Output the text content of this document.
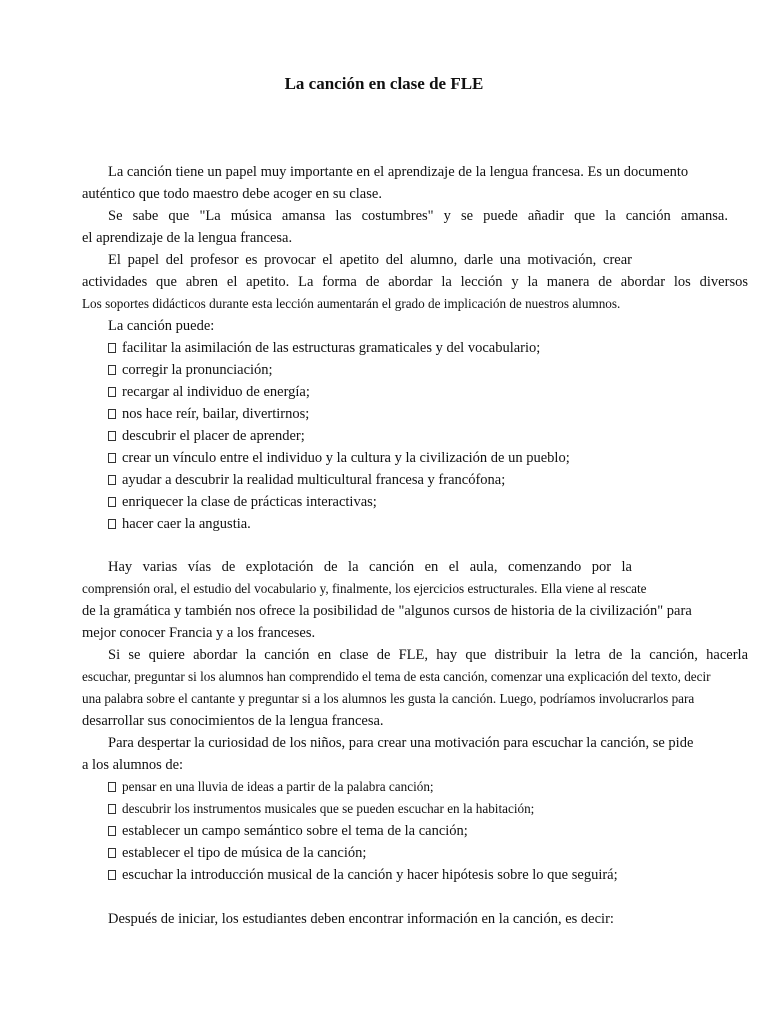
La canción en clase de FLE
La canción tiene un papel muy importante en el aprendizaje de la lengua francesa. Es un documento
auténtico que todo maestro debe acoger en su clase.
Se sabe que "La música amansa las costumbres" y se puede añadir que la canción amansa.
el aprendizaje de la lengua francesa.
El papel del profesor es provocar el apetito del alumno, darle una motivación, crear
actividades que abren el apetito. La forma de abordar la lección y la manera de abordar los diversos
Los soportes didácticos durante esta lección aumentarán el grado de implicación de nuestros alumnos.
La canción puede:
facilitar la asimilación de las estructuras gramaticales y del vocabulario;
corregir la pronunciación;
recargar al individuo de energía;
nos hace reír, bailar, divertirnos;
descubrir el placer de aprender;
crear un vínculo entre el individuo y la cultura y la civilización de un pueblo;
ayudar a descubrir la realidad multicultural francesa y francófona;
enriquecer la clase de prácticas interactivas;
hacer caer la angustia.
Hay varias vías de explotación de la canción en el aula, comenzando por la
comprensión oral, el estudio del vocabulario y, finalmente, los ejercicios estructurales. Ella viene al rescate
de la gramática y también nos ofrece la posibilidad de "algunos cursos de historia de la civilización" para
mejor conocer Francia y a los franceses.
Si se quiere abordar la canción en clase de FLE, hay que distribuir la letra de la canción, hacerla
escuchar, preguntar si los alumnos han comprendido el tema de esta canción, comenzar una explicación del texto, decir
una palabra sobre el cantante y preguntar si a los alumnos les gusta la canción. Luego, podríamos involucrarlos para
desarrollar sus conocimientos de la lengua francesa.
Para despertar la curiosidad de los niños, para crear una motivación para escuchar la canción, se pide
a los alumnos de:
pensar en una lluvia de ideas a partir de la palabra canción;
descubrir los instrumentos musicales que se pueden escuchar en la habitación;
establecer un campo semántico sobre el tema de la canción;
establecer el tipo de música de la canción;
escuchar la introducción musical de la canción y hacer hipótesis sobre lo que seguirá;
Después de iniciar, los estudiantes deben encontrar información en la canción, es decir:
